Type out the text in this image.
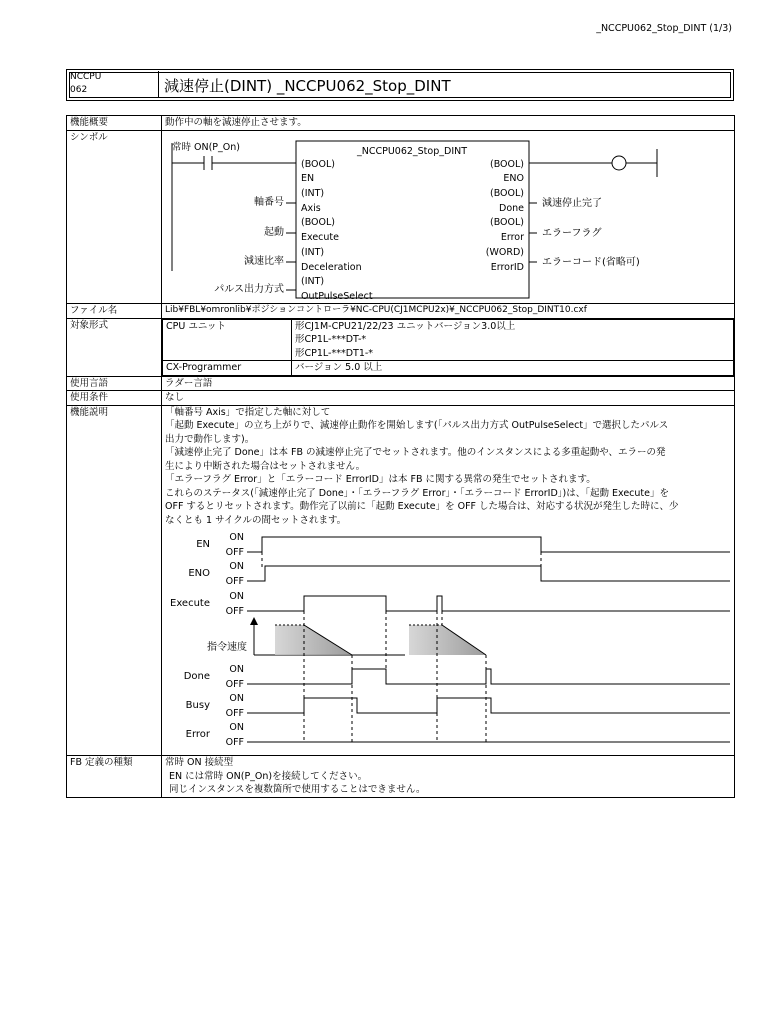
_NCCPU062_Stop_DINT (1/3)
NCCPU
062	減速停止(DINT) _NCCPU062_Stop_DINT
機能概要	動作中の軸を減速停止させます。
シンボル	
常時 ON(P_On)	_NCCPU062_Stop_DINT
(BOOL)
EN
(INT)
Axis
軸番号
(BOOL)
Execute
起動
(INT)
Deceleration
減速比率
(INT)
OutPulseSelect
パルス出力方式
(BOOL)
ENO
(BOOL)
Done 減速停止完了
(BOOL)
Error エラーフラグ
(WORD)
ErrorID エラーコード(省略可)

ファイル名	Lib¥FBL¥omronlib¥ポジションコントローラ¥NC-CPU(CJ1MCPU2x)¥_NCCPU062_Stop_DINT10.cxf
対象形式		CPU ユニット	形CJ1M-CPU21/22/23 ユニットバージョン3.0以上
形CP1L-***DT-*
形CP1L-***DT1-*

CX-Programmer	バージョン 5.0 以上

使用言語	ラダー言語
使用条件	なし
機能説明	「軸番号 Axis」で指定した軸に対して

「起動 Execute」の立ち上がりで、減速停止動作を開始します(「パルス出力方式 OutPulseSelect」で選択したパルス

出力で動作します)。

「減速停止完了 Done」は本 FB の減速停止完了でセットされます。他のインスタンスによる多重起動や、エラーの発

生により中断された場合はセットされません。

「エラーフラグ Error」と「エラーコード ErrorID」は本 FB に関する異常の発生でセットされます。

これらのステータス(「減速停止完了 Done」・「エラーフラグ Error」・「エラーコード ErrorID」)は、「起動 Execute」を

OFF するとリセットされます。動作完了以前に「起動 Execute」を OFF した場合は、対応する状況が発生した時に、少

なくとも 1 サイクルの間セットされます。

EN
ON
OFF
ENO
ON
OFF
Execute
ON
OFF
指令速度
Done
ON
OFF
Busy
ON
OFF
Error
ON
OFF

FB 定義の種類	常時 ON 接続型
EN には常時 ON(P_On)を接続してください。
同じインスタンスを複数箇所で使用することはできません。
